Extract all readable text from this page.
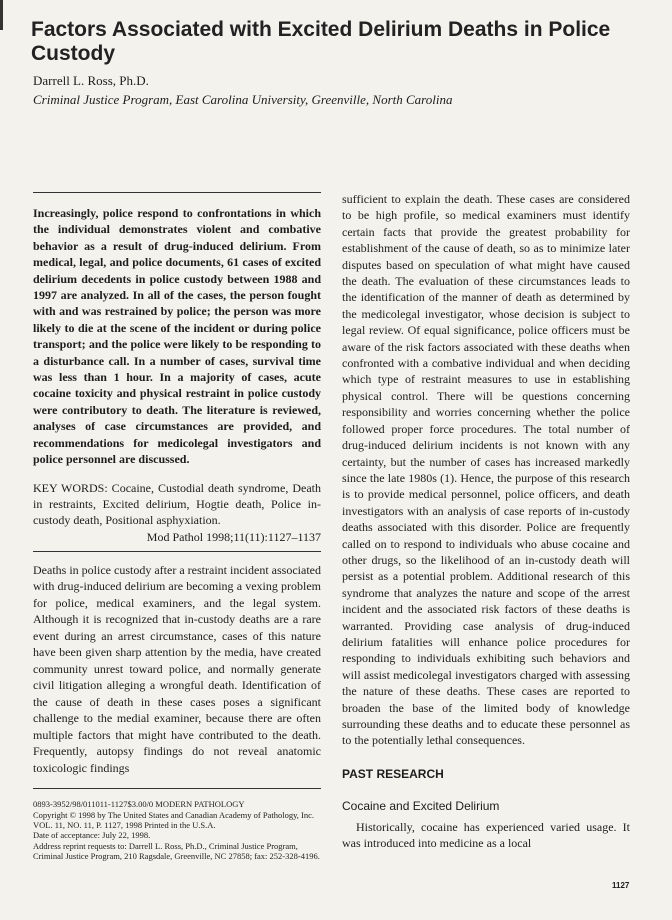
Factors Associated with Excited Delirium Deaths in Police Custody
Darrell L. Ross, Ph.D.
Criminal Justice Program, East Carolina University, Greenville, North Carolina

Increasingly, police respond to confrontations in which the individual demonstrates violent and combative behavior as a result of drug-induced delirium. From medical, legal, and police documents, 61 cases of excited delirium decedents in police custody between 1988 and 1997 are analyzed. In all of the cases, the person fought with and was restrained by police; the person was more likely to die at the scene of the incident or during police transport; and the police were likely to be responding to a disturbance call. In a number of cases, survival time was less than 1 hour. In a majority of cases, acute cocaine toxicity and physical restraint in police custody were contributory to death. The literature is reviewed, analyses of case circumstances are provided, and recommendations for medicolegal investigators and police personnel are discussed.

KEY WORDS: Cocaine, Custodial death syndrome, Death in restraints, Excited delirium, Hogtie death, Police in-custody death, Positional asphyxiation.

Mod Pathol 1998;11(11):1127–1137

Deaths in police custody after a restraint incident associated with drug-induced delirium are becoming a vexing problem for police, medical examiners, and the legal system. Although it is recognized that in-custody deaths are a rare event during an arrest circumstance, cases of this nature have been given sharp attention by the media, have created community unrest toward police, and normally generate civil litigation alleging a wrongful death. Identification of the cause of death in these cases poses a significant challenge to the medial examiner, because there are often multiple factors that might have contributed to the death. Frequently, autopsy findings do not reveal anatomic toxicologic findings

0893-3952/98/011011-1127$3.00/0 MODERN PATHOLOGY
Copyright © 1998 by The United States and Canadian Academy of Pathology, Inc.
VOL. 11, NO. 11, P. 1127, 1998 Printed in the U.S.A.
Date of acceptance: July 22, 1998.
Address reprint requests to: Darrell L. Ross, Ph.D., Criminal Justice Program, Criminal Justice Program, 210 Ragsdale, Greenville, NC 27858; fax: 252-328-4196.

sufficient to explain the death. These cases are considered to be high profile, so medical examiners must identify certain facts that provide the greatest probability for establishment of the cause of death, so as to minimize later disputes based on speculation of what might have caused the death. The evaluation of these circumstances leads to the identification of the manner of death as determined by the medicolegal investigator, whose decision is subject to legal review. Of equal significance, police officers must be aware of the risk factors associated with these deaths when confronted with a combative individual and when deciding which type of restraint measures to use in establishing physical control. There will be questions concerning responsibility and worries concerning whether the police followed proper force procedures. The total number of drug-induced delirium incidents is not known with any certainty, but the number of cases has increased markedly since the late 1980s (1). Hence, the purpose of this research is to provide medical personnel, police officers, and death investigators with an analysis of case reports of in-custody deaths associated with this disorder. Police are frequently called on to respond to individuals who abuse cocaine and other drugs, so the likelihood of an in-custody death will persist as a potential problem. Additional research of this syndrome that analyzes the nature and scope of the arrest incident and the associated risk factors of these deaths is warranted. Providing case analysis of drug-induced delirium fatalities will enhance police procedures for responding to individuals exhibiting such behaviors and will assist medicolegal investigators charged with assessing the nature of these deaths. These cases are reported to broaden the base of the limited body of knowledge surrounding these deaths and to educate these personnel as to the potentially lethal consequences.

PAST RESEARCH
Cocaine and Excited Delirium

Historically, cocaine has experienced varied usage. It was introduced into medicine as a local

1127
